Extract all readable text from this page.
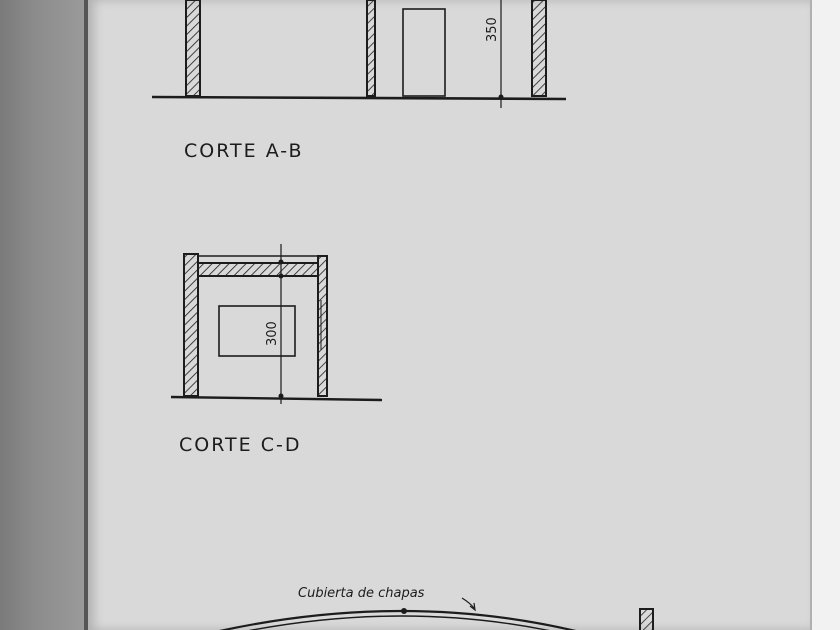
350
CORTE A-B
300
CORTE C-D
Cubierta de chapas
